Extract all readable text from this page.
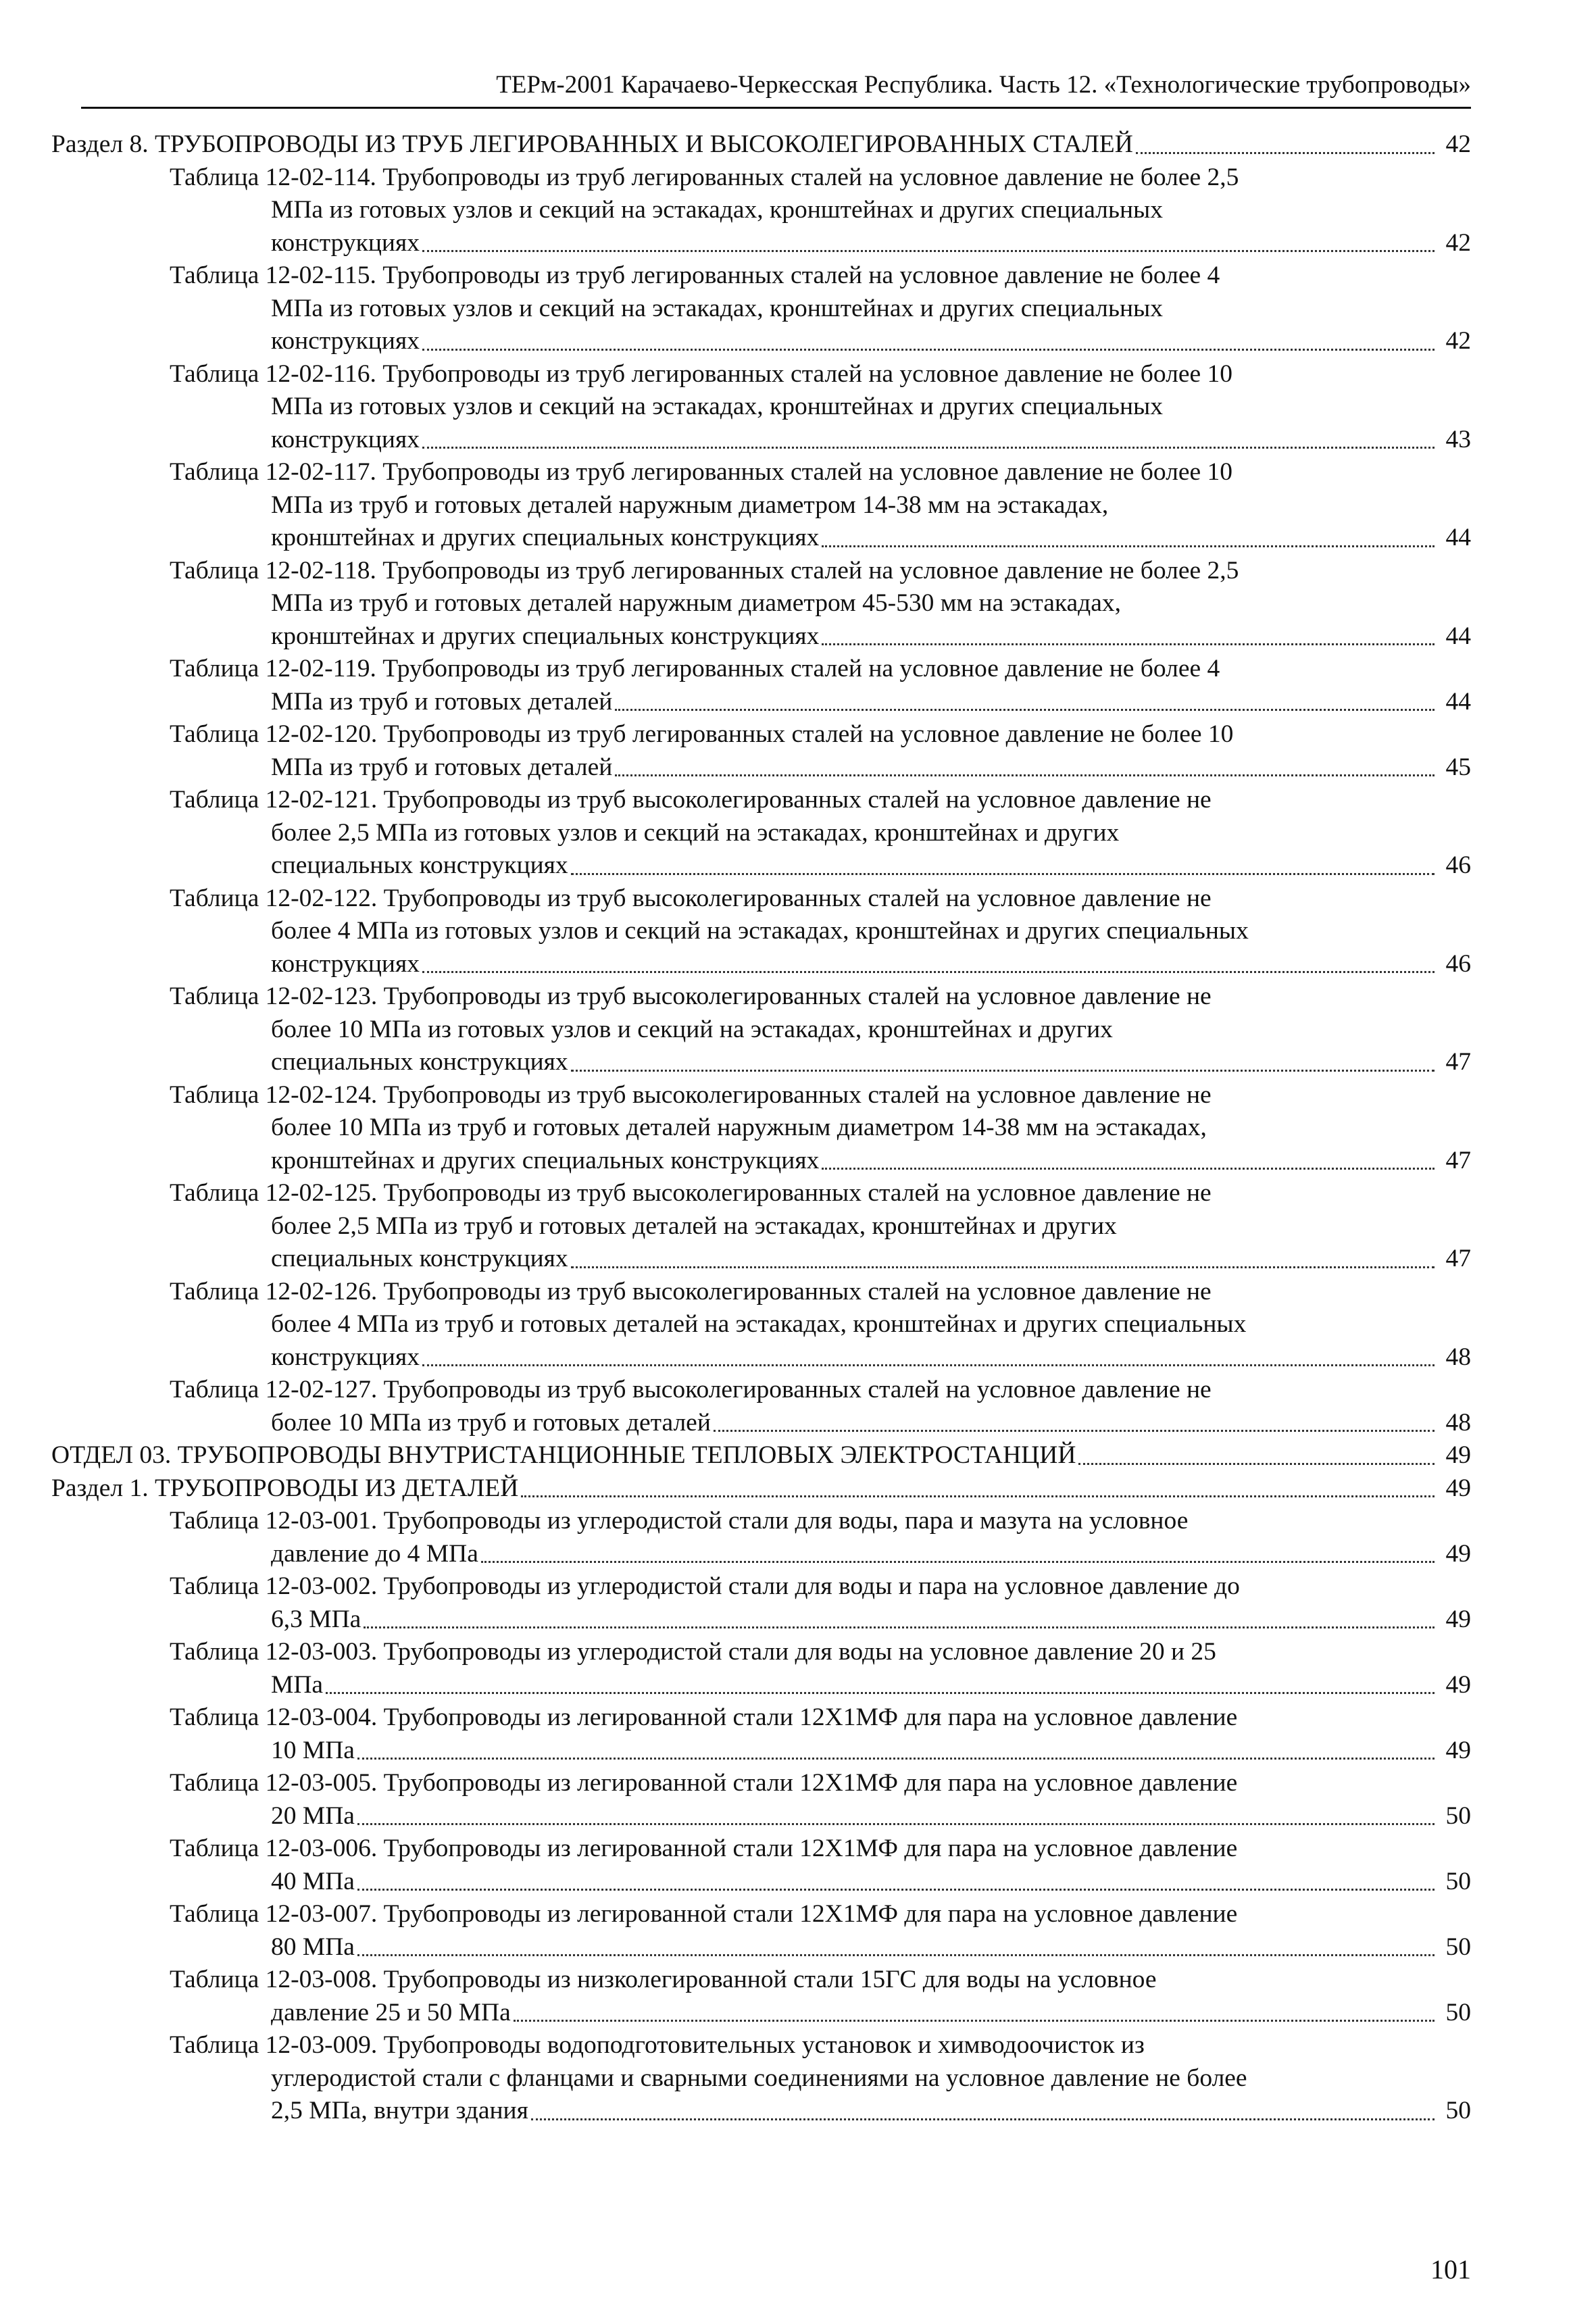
ТЕРм-2001 Карачаево-Черкесская Республика. Часть 12. «Технологические трубопроводы»
Раздел 8. ТРУБОПРОВОДЫ ИЗ ТРУБ ЛЕГИРОВАННЫХ И ВЫСОКОЛЕГИРОВАННЫХ СТАЛЕЙ	42
Таблица 12-02-114. Трубопроводы из труб легированных сталей на условное давление не более 2,5
МПа из готовых узлов и секций на эстакадах, кронштейнах и других специальных
конструкциях	42
Таблица 12-02-115. Трубопроводы из труб легированных сталей на условное давление не более 4
МПа из готовых узлов и секций на эстакадах, кронштейнах и других специальных
конструкциях	42
Таблица 12-02-116. Трубопроводы из труб легированных сталей на условное давление не более 10
МПа из готовых узлов и секций на эстакадах, кронштейнах и других специальных
конструкциях	43
Таблица 12-02-117. Трубопроводы из труб легированных сталей на условное давление не более 10
МПа из труб и готовых деталей наружным диаметром 14-38 мм на эстакадах,
кронштейнах и других специальных конструкциях	44
Таблица 12-02-118. Трубопроводы из труб легированных сталей на условное давление не более 2,5
МПа из труб и готовых деталей наружным диаметром 45-530 мм на эстакадах,
кронштейнах и других специальных конструкциях	44
Таблица 12-02-119. Трубопроводы из труб легированных сталей на условное давление не более 4
МПа из труб и готовых деталей	44
Таблица 12-02-120. Трубопроводы из труб легированных сталей на условное давление не более 10
МПа из труб и готовых деталей	45
Таблица 12-02-121. Трубопроводы из труб высоколегированных сталей на условное давление не
более 2,5 МПа из готовых узлов и секций на эстакадах, кронштейнах и других
специальных конструкциях	46
Таблица 12-02-122. Трубопроводы из труб высоколегированных сталей на условное давление не
более 4 МПа из готовых узлов и секций на эстакадах, кронштейнах и других специальных
конструкциях	46
Таблица 12-02-123. Трубопроводы из труб высоколегированных сталей на условное давление не
более 10 МПа из готовых узлов и секций на эстакадах, кронштейнах и других
специальных конструкциях	47
Таблица 12-02-124. Трубопроводы из труб высоколегированных сталей на условное давление не
более 10 МПа из труб и готовых деталей наружным диаметром 14-38 мм на эстакадах,
кронштейнах и других специальных конструкциях	47
Таблица 12-02-125. Трубопроводы из труб высоколегированных сталей на условное давление не
более 2,5 МПа из труб и готовых деталей на эстакадах, кронштейнах и других
специальных конструкциях	47
Таблица 12-02-126. Трубопроводы из труб высоколегированных сталей на условное давление не
более 4 МПа из труб и готовых деталей на эстакадах, кронштейнах и других специальных
конструкциях	48
Таблица 12-02-127. Трубопроводы из труб высоколегированных сталей на условное давление не
более 10 МПа из труб и готовых деталей	48
ОТДЕЛ 03. ТРУБОПРОВОДЫ ВНУТРИСТАНЦИОННЫЕ ТЕПЛОВЫХ ЭЛЕКТРОСТАНЦИЙ	49
Раздел 1. ТРУБОПРОВОДЫ ИЗ ДЕТАЛЕЙ	49
Таблица 12-03-001. Трубопроводы из углеродистой стали для воды, пара и мазута на условное
давление до 4 МПа	49
Таблица 12-03-002. Трубопроводы из углеродистой стали для воды и пара на условное давление до
6,3 МПа	49
Таблица 12-03-003. Трубопроводы из углеродистой стали для воды на условное давление 20 и 25
МПа	49
Таблица 12-03-004. Трубопроводы из легированной стали 12Х1МФ для пара на условное давление
10 МПа	49
Таблица 12-03-005. Трубопроводы из легированной стали 12Х1МФ для пара на условное давление
20 МПа	50
Таблица 12-03-006. Трубопроводы из легированной стали 12Х1МФ для пара на условное давление
40 МПа	50
Таблица 12-03-007. Трубопроводы из легированной стали 12Х1МФ для пара на условное давление
80 МПа	50
Таблица 12-03-008. Трубопроводы из низколегированной стали 15ГС для воды на условное
давление 25 и 50 МПа	50
Таблица 12-03-009. Трубопроводы водоподготовительных установок и химводоочисток из
углеродистой стали с фланцами и сварными соединениями на условное давление не более
2,5 МПа, внутри здания	50
101
